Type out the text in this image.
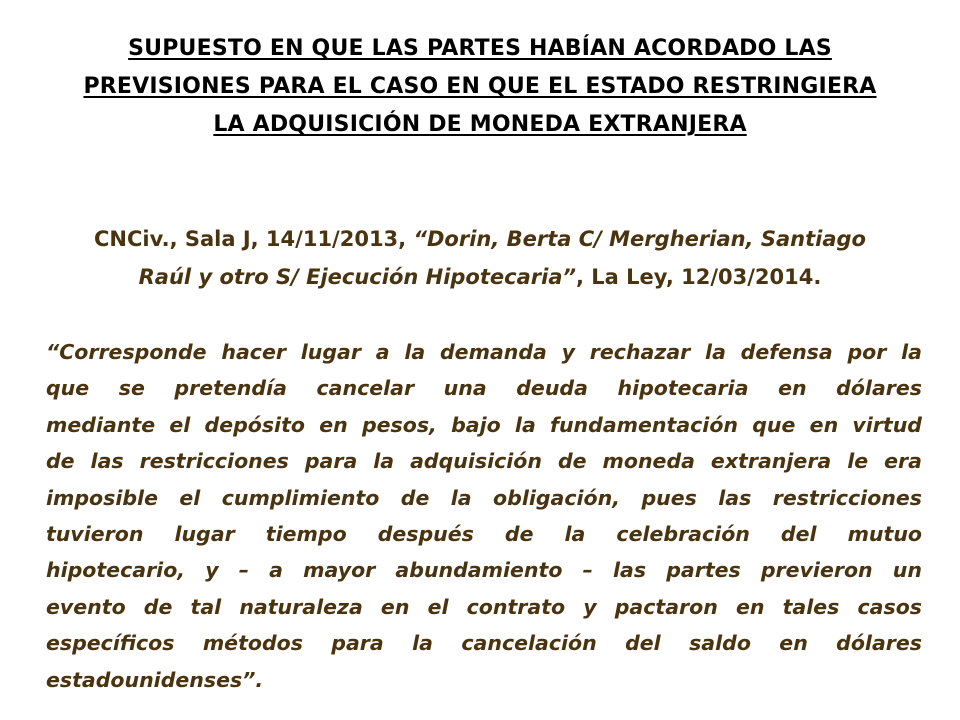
SUPUESTO EN QUE LAS PARTES HABÍAN ACORDADO LAS
PREVISIONES PARA EL CASO EN QUE EL ESTADO RESTRINGIERA
LA ADQUISICIÓN DE MONEDA EXTRANJERA
CNCiv., Sala J, 14/11/2013, “Dorin, Berta C/ Mergherian, Santiago
Raúl y otro S/ Ejecución Hipotecaria”, La Ley, 12/03/2014.
“Corresponde hacer lugar a la demanda y rechazar la defensa por la
que se pretendía cancelar una deuda hipotecaria en dólares
mediante el depósito en pesos, bajo la fundamentación que en virtud
de las restricciones para la adquisición de moneda extranjera le era
imposible el cumplimiento de la obligación, pues las restricciones
tuvieron lugar tiempo después de la celebración del mutuo
hipotecario, y – a mayor abundamiento – las partes previeron un
evento de tal naturaleza en el contrato y pactaron en tales casos
específicos métodos para la cancelación del saldo en dólares
estadounidenses”.
